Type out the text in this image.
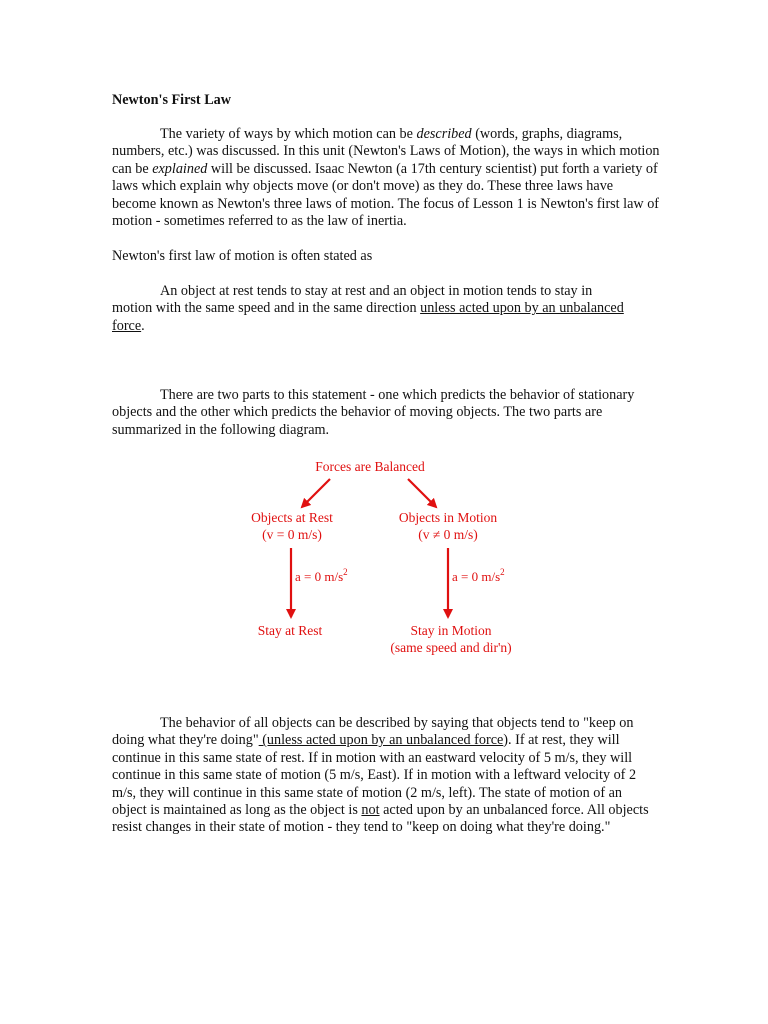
Newton's First Law

The variety of ways by which motion can be described (words, graphs, diagrams, numbers, etc.) was discussed. In this unit (Newton's Laws of Motion), the ways in which motion can be explained will be discussed. Isaac Newton (a 17th century scientist) put forth a variety of laws which explain why objects move (or don't move) as they do. These three laws have become known as Newton's three laws of motion. The focus of Lesson 1 is Newton's first law of motion - sometimes referred to as the law of inertia.

Newton's first law of motion is often stated as

An object at rest tends to stay at rest and an object in motion tends to stay in motion with the same speed and in the same direction unless acted upon by an unbalanced force.

There are two parts to this statement - one which predicts the behavior of stationary objects and the other which predicts the behavior of moving objects. The two parts are summarized in the following diagram.

Forces are Balanced
Objects at Rest
(v = 0 m/s)
Objects in Motion
(v ≠ 0 m/s)
a = 0 $m/s^2$	a = 0 $m/s^2$
Stay at Rest	Stay in Motion
(same speed and dir'n)

The behavior of all objects can be described by saying that objects tend to "keep on doing what they're doing" (unless acted upon by an unbalanced force). If at rest, they will continue in this same state of rest. If in motion with an eastward velocity of 5 m/s, they will continue in this same state of motion (5 m/s, East). If in motion with a leftward velocity of 2 m/s, they will continue in this same state of motion (2 m/s, left). The state of motion of an object is maintained as long as the object is not acted upon by an unbalanced force. All objects resist changes in their state of motion - they tend to "keep on doing what they're doing."
